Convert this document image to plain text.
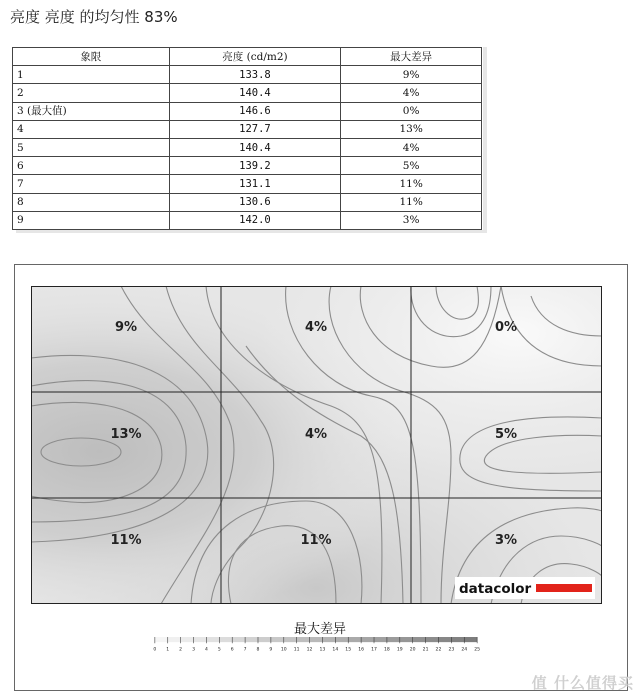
亮度 亮度 的均匀性 83%
象限	亮度 (cd/m2)	最大差异
1	133.8	9%
2	140.4	4%
3 (最大值)	146.6	0%
4	127.7	13%
5	140.4	4%
6	139.2	5%
7	131.1	11%
8	130.6	11%
9	142.0	3%
9%	4%	0%
13%	4%	5%
11%	11%	3%
datacolor
最大差异
0 1 2 3 4 5 6 7 8 9 10 11 12 13 14 15 16 17 18 19 20 21 22 23 24 25
值 什么值得买
